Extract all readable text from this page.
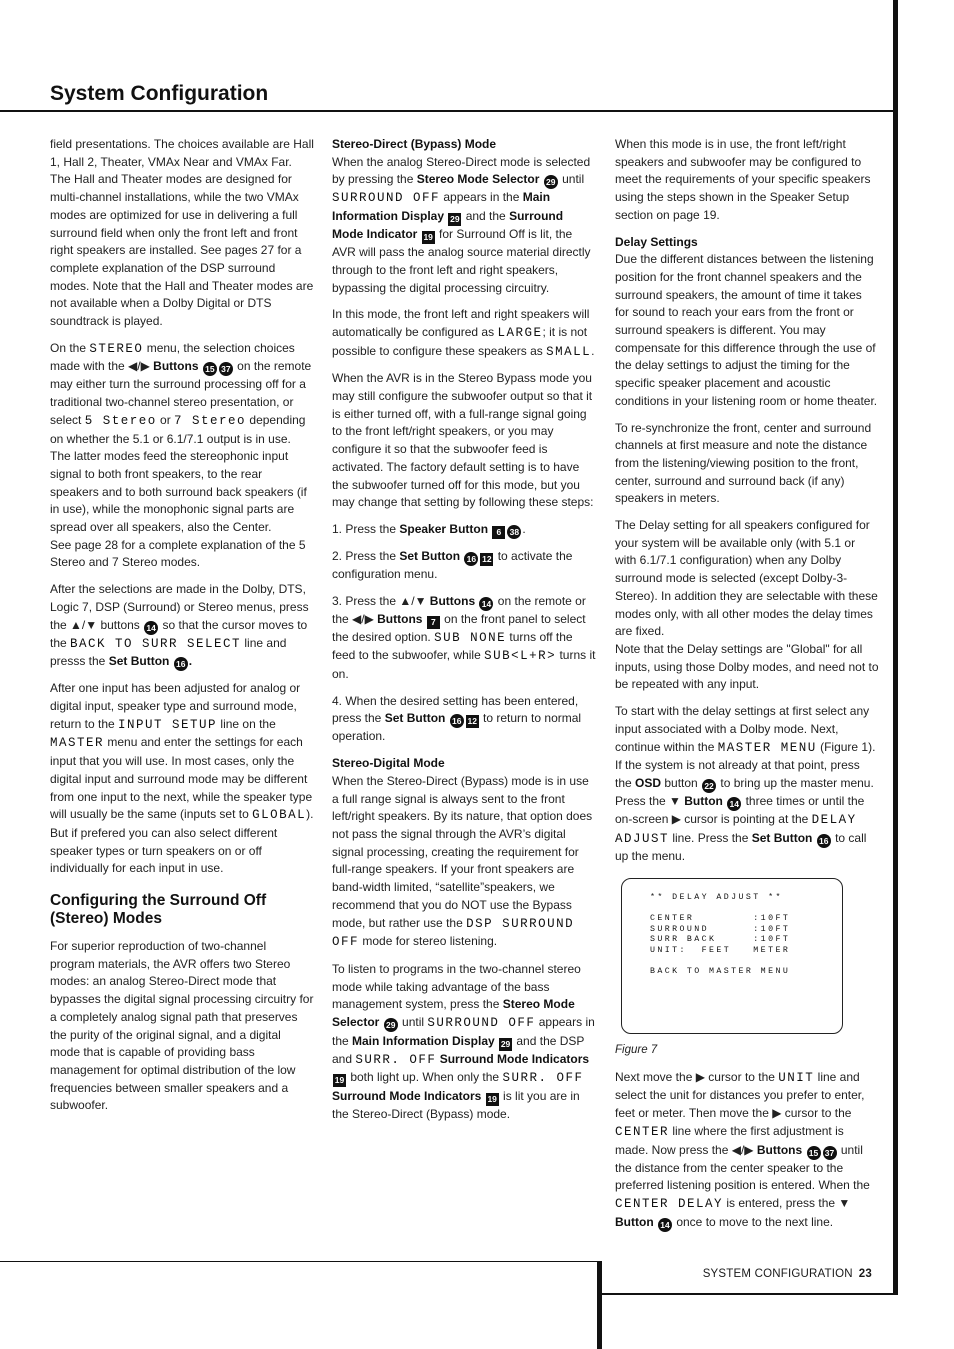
System Configuration
SYSTEM CONFIGURATION 23

field presentations. The choices available are Hall 1, Hall 2, Theater, VMAx Near and VMAx Far. The Hall and Theater modes are designed for multi-channel installations, while the two VMAx modes are optimized for use in delivering a full surround field when only the front left and front right speakers are installed. See pages 27 for a complete explanation of the DSP surround modes. Note that the Hall and Theater modes are not available when a Dolby Digital or DTS soundtrack is played.

On the STEREO menu, the selection choices made with the ◀/▶ Buttons 15 37 on the remote may either turn the surround processing off for a traditional two-channel stereo presentation, or select 5 Stereo or 7 Stereo depending on whether the 5.1 or 6.1/7.1 output is in use. The latter modes feed the stereophonic input signal to both front speakers, to the rear speakers and to both surround back speakers (if in use), while the monophonic signal parts are spread over all speakers, also the Center.
See page 28 for a complete explanation of the 5 Stereo and 7 Stereo modes.

After the selections are made in the Dolby, DTS, Logic 7, DSP (Surround) or Stereo menus, press the ▲/▼ buttons 14 so that the cursor moves to the BACK TO SURR SELECT line and presss the Set Button 16 .

After one input has been adjusted for analog or digital input, speaker type and surround mode, return to the INPUT SETUP line on the MASTER menu and enter the settings for each input that you will use. In most cases, only the digital input and surround mode may be different from one input to the next, while the speaker type will usually be the same (inputs set to GLOBAL). But if prefered you can also select different speaker types or turn speakers on or off individually for each input in use.

Configuring the Surround Off (Stereo) Modes

For superior reproduction of two-channel program materials, the AVR offers two Stereo modes: an analog Stereo-Direct mode that bypasses the digital signal processing circuitry for a completely analog signal path that preserves the purity of the original signal, and a digital mode that is capable of providing bass management for optimal distribution of the low frequencies between smaller speakers and a subwoofer.

Stereo-Direct (Bypass) Mode

When the analog Stereo-Direct mode is selected by pressing the Stereo Mode Selector 29 until SURROUND OFF appears in the Main Information Display 29 and the Surround Mode Indicator 19 for Surround Off is lit, the AVR will pass the analog source material directly through to the front left and right speakers, bypassing the digital processing circuitry.

In this mode, the front left and right speakers will automatically be configured as LARGE; it is not possible to configure these speakers as SMALL.

When the AVR is in the Stereo Bypass mode you may still configure the subwoofer output so that it is either turned off, with a full-range signal going to the front left/right speakers, or you may configure it so that the subwoofer feed is activated. The factory default setting is to have the subwoofer turned off for this mode, but you may change that setting by following these steps:

1. Press the Speaker Button 6 38 .

2. Press the Set Button 16 12 to activate the configuration menu.

3. Press the ▲/▼ Buttons 14 on the remote or the ◀/▶ Buttons 7 on the front panel to select the desired option. SUB NONE turns off the feed to the subwoofer, while SUB<L+R> turns it on.

4. When the desired setting has been entered, press the Set Button 16 12 to return to normal operation.

Stereo-Digital Mode

When the Stereo-Direct (Bypass) mode is in use a full range signal is always sent to the front left/right speakers. By its nature, that option does not pass the signal through the AVR’s digital signal processing, creating the requirement for full-range speakers. If your front speakers are band-width limited, “satellite”speakers, we recommend that you do NOT use the Bypass mode, but rather use the DSP SURROUND OFF mode for stereo listening.

To listen to programs in the two-channel stereo mode while taking advantage of the bass management system, press the Stereo Mode Selector 29 until SURROUND OFF appears in the Main Information Display 29 and the DSP and SURR. OFF Surround Mode Indicators 19 both light up. When only the SURR. OFF Surround Mode Indicators 19 is lit you are in the Stereo-Direct (Bypass) mode.

When this mode is in use, the front left/right speakers and subwoofer may be configured to meet the requirements of your specific speakers using the steps shown in the Speaker Setup section on page 19.

Delay Settings

Due the different distances between the listening position for the front channel speakers and the surround speakers, the amount of time it takes for sound to reach your ears from the front or surround speakers is different. You may compensate for this difference through the use of the delay settings to adjust the timing for the specific speaker placement and acoustic conditions in your listening room or home theater.

To re-synchronize the front, center and surround channels at first measure and note the distance from the listening/viewing position to the front, center, surround and surround back (if any) speakers in meters.

The Delay setting for all speakers configured for your system will be available only (with 5.1 or with 6.1/7.1 configuration) when any Dolby surround mode is selected (except Dolby-3-Stereo). In addition they are selectable with these modes only, with all other modes the delay times are fixed.

Note that the Delay settings are "Global" for all inputs, using those Dolby modes, and need not to be repeated with any input.

To start with the delay settings at first select any input associated with a Dolby mode. Next, continue within the MASTER MENU (Figure 1). If the system is not already at that point, press the OSD button 22 to bring up the master menu. Press the ▼ Button 14 three times or until the on-screen ▶ cursor is pointing at the DELAY ADJUST line. Press the Set Button 16 to call up the menu.

** DELAY ADJUST **

CENTER        :10FT
SURROUND      :10FT
SURR BACK     :10FT
UNIT:  FEET   METER

BACK TO MASTER MENU

Figure 7

Next move the ▶ cursor to the UNIT line and select the unit for distances you prefer to enter, feet or meter. Then move the ▶ cursor to the CENTER line where the first adjustment is made. Now press the ◀/▶ Buttons 15 37 until the distance from the center speaker to the preferred listening position is entered. When the CENTER DELAY is entered, press the ▼ Button 14 once to move to the next line.
